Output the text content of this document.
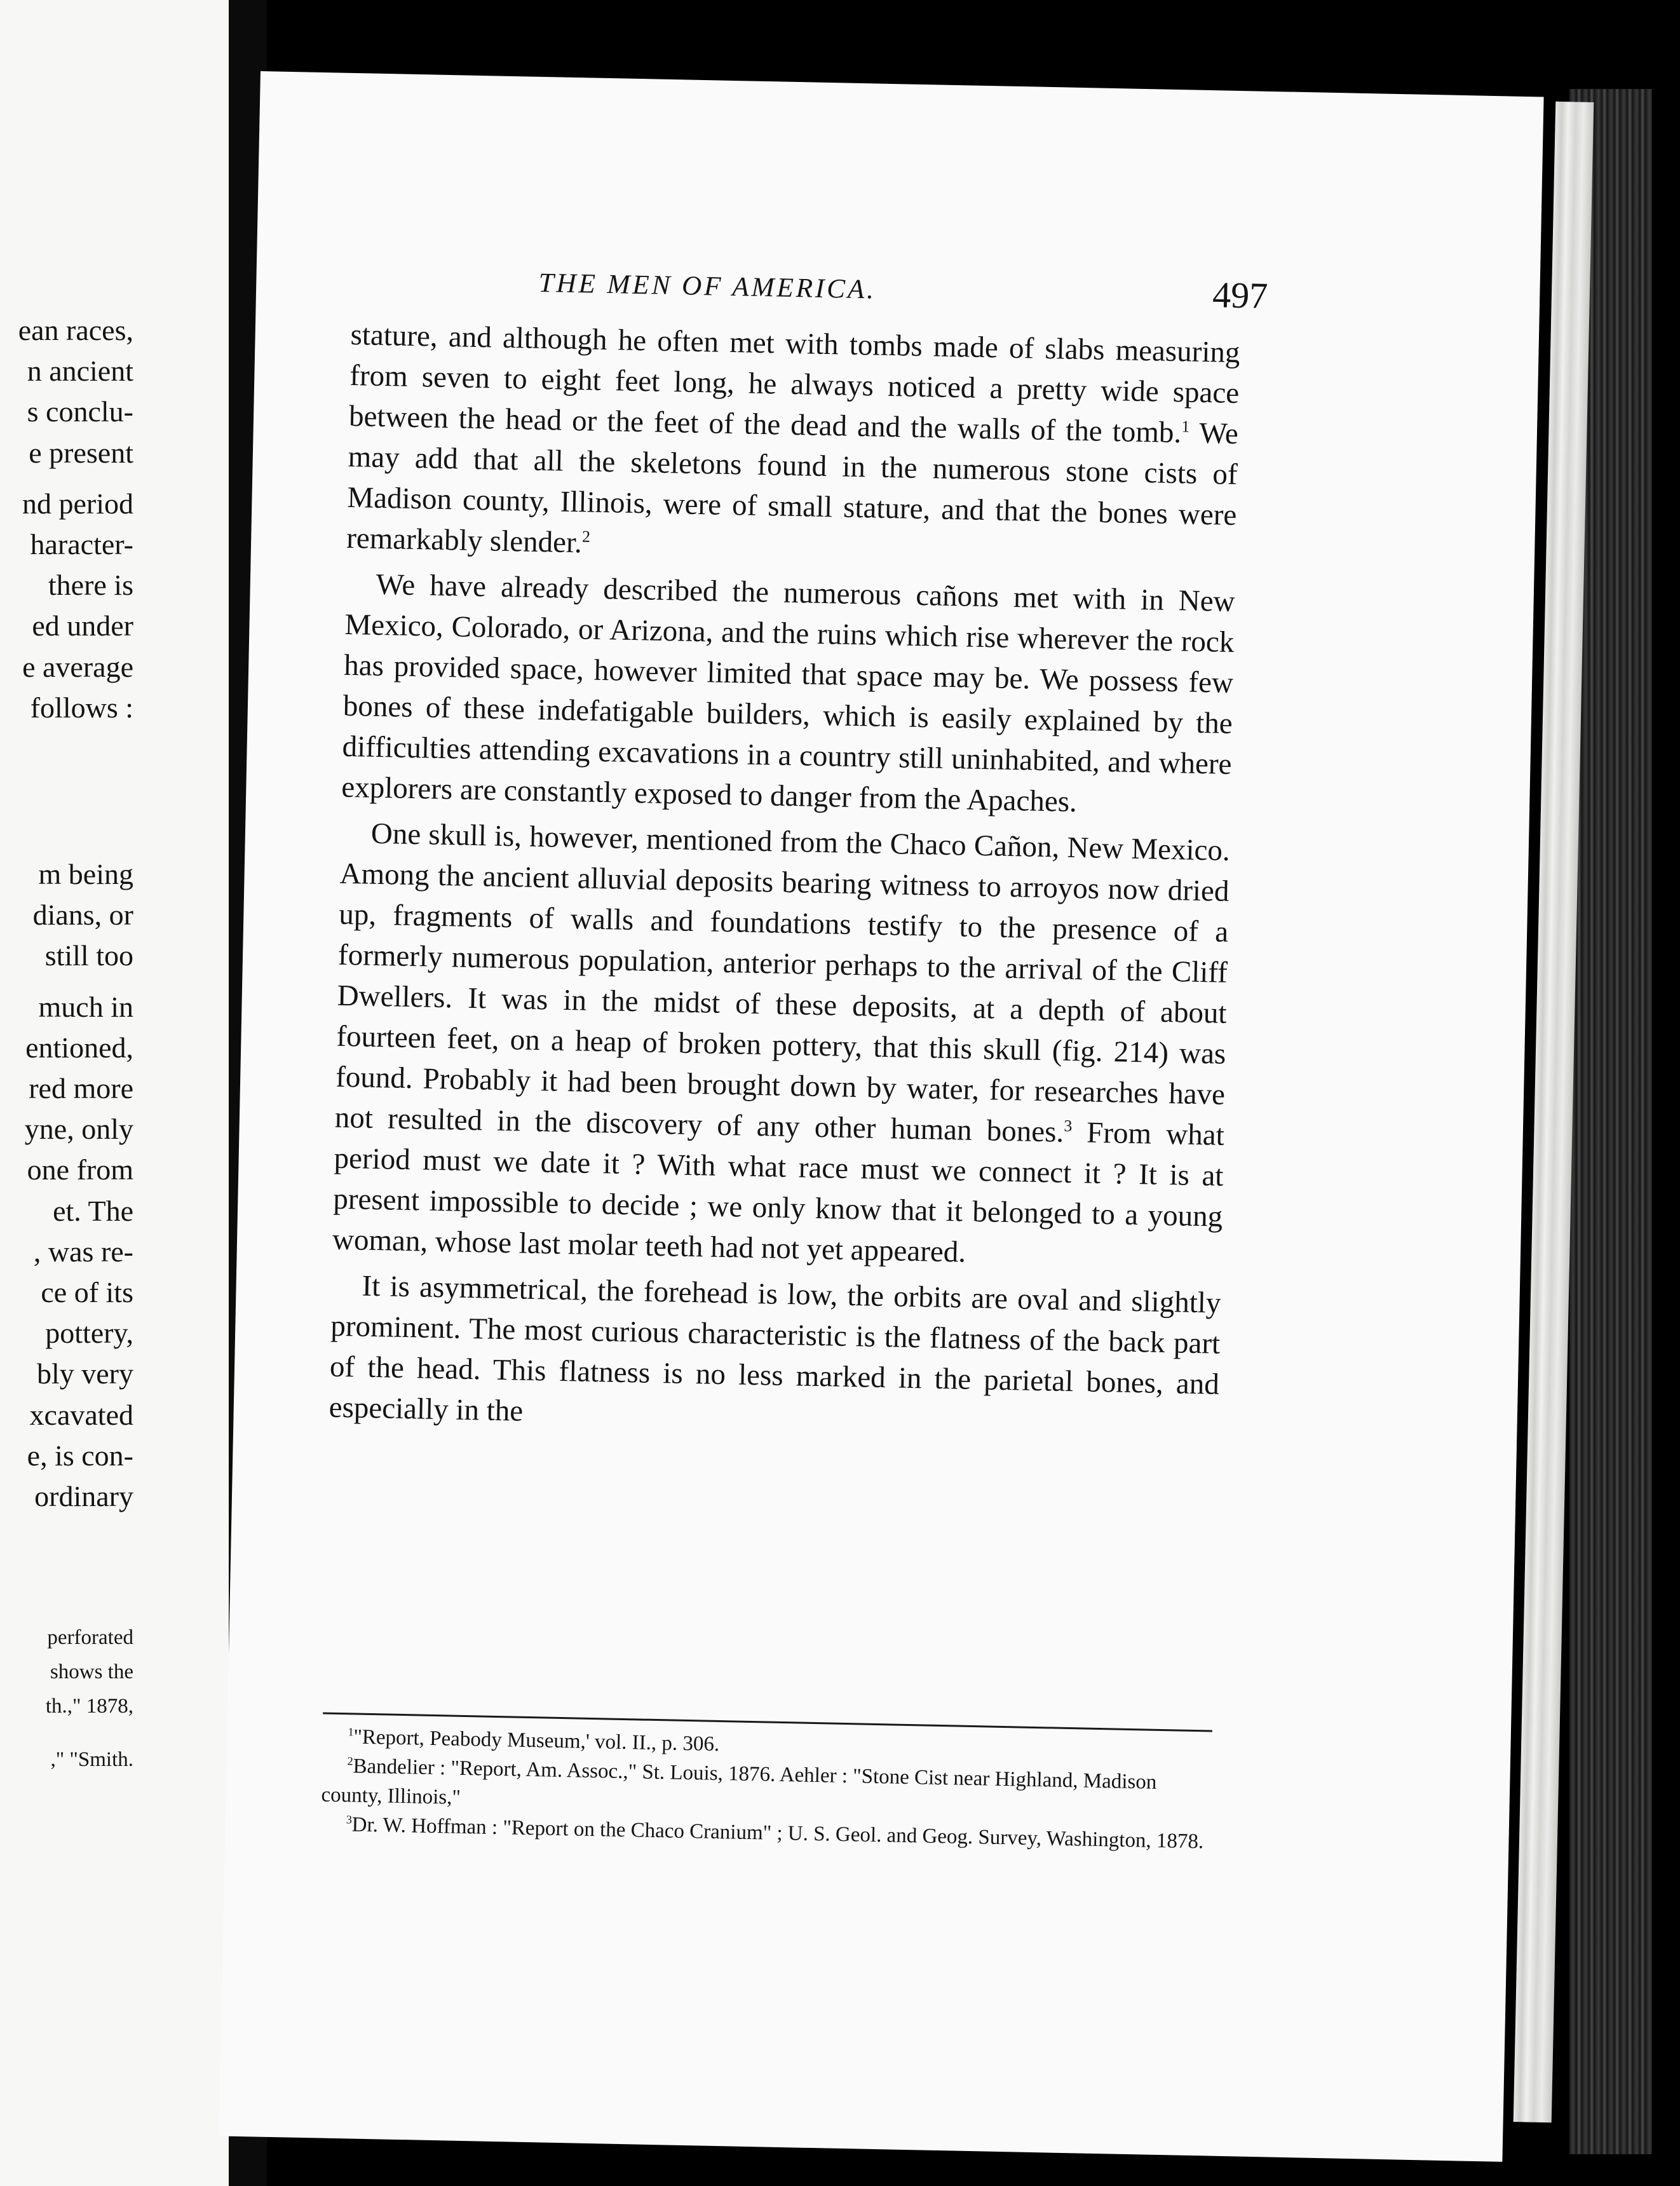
ean races,
n ancient
s conclu-
e present
nd period
haracter-
there is
ed under
e average
follows :
m being
dians, or
still too
much in
entioned,
red more
yne, only
one from
et. The
, was re-
ce of its
pottery,
bly very
xcavated
e, is con-
ordinary
perforated
shows the
th.," 1878,
," "Smith.
THE MEN OF AMERICA.	497

stature, and although he often met with tombs made of slabs measuring from seven to eight feet long, he always noticed a pretty wide space between the head or the feet of the dead and the walls of the tomb.$^1$ We may add that all the skeletons found in the numerous stone cists of Madison county, Illinois, were of small stature, and that the bones were remarkably slender.$^2$

We have already described the numerous cañons met with in New Mexico, Colorado, or Arizona, and the ruins which rise wherever the rock has provided space, however limited that space may be. We possess few bones of these indefatigable builders, which is easily explained by the difficulties attending excavations in a country still uninhabited, and where explorers are constantly exposed to danger from the Apaches.

One skull is, however, mentioned from the Chaco Cañon, New Mexico. Among the ancient alluvial deposits bearing witness to arroyos now dried up, fragments of walls and foundations testify to the presence of a formerly numerous population, anterior perhaps to the arrival of the Cliff Dwellers. It was in the midst of these deposits, at a depth of about fourteen feet, on a heap of broken pottery, that this skull (fig. 214) was found. Probably it had been brought down by water, for researches have not resulted in the discovery of any other human bones.$^3$ From what period must we date it ? With what race must we connect it ? It is at present impossible to decide ; we only know that it belonged to a young woman, whose last molar teeth had not yet appeared.

It is asymmetrical, the forehead is low, the orbits are oval and slightly prominent. The most curious characteristic is the flatness of the back part of the head. This flatness is no less marked in the parietal bones, and especially in the

$^1$"Report, Peabody Museum,' vol. II., p. 306.

$^2$Bandelier : "Report, Am. Assoc.," St. Louis, 1876. Aehler : "Stone Cist near Highland, Madison county, Illinois,"

$^3$Dr. W. Hoffman : "Report on the Chaco Cranium" ; U. S. Geol. and Geog. Survey, Washington, 1878.
